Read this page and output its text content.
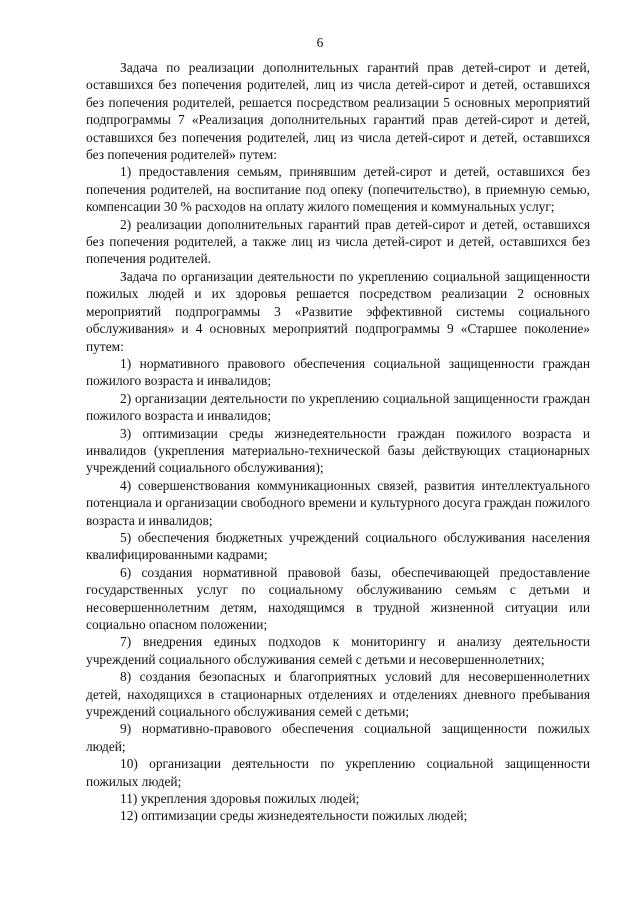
6

Задача по реализации дополнительных гарантий прав детей-сирот и детей, оставшихся без попечения родителей, лиц из числа детей-сирот и детей, оставшихся без попечения родителей, решается посредством реализации 5 основных мероприятий подпрограммы 7 «Реализация дополнительных гарантий прав детей-сирот и детей, оставшихся без попечения родителей, лиц из числа детей-сирот и детей, оставшихся без попечения родителей» путем:

1) предоставления семьям, принявшим детей-сирот и детей, оставшихся без попечения родителей, на воспитание под опеку (попечительство), в приемную семью, компенсации 30 % расходов на оплату жилого помещения и коммунальных услуг;

2) реализации дополнительных гарантий прав детей-сирот и детей, оставшихся без попечения родителей, а также лиц из числа детей-сирот и детей, оставшихся без попечения родителей.

Задача по организации деятельности по укреплению социальной защищенности пожилых людей и их здоровья решается посредством реализации 2 основных мероприятий подпрограммы 3 «Развитие эффективной системы социального обслуживания» и 4 основных мероприятий подпрограммы 9 «Старшее поколение» путем:

1) нормативного правового обеспечения социальной защищенности граждан пожилого возраста и инвалидов;

2) организации деятельности по укреплению социальной защищенности граждан пожилого возраста и инвалидов;

3) оптимизации среды жизнедеятельности граждан пожилого возраста и инвалидов (укрепления материально-технической базы действующих стационарных учреждений социального обслуживания);

4) совершенствования коммуникационных связей, развития интеллектуального потенциала и организации свободного времени и культурного досуга граждан пожилого возраста и инвалидов;

5) обеспечения бюджетных учреждений социального обслуживания населения квалифицированными кадрами;

6) создания нормативной правовой базы, обеспечивающей предоставление государственных услуг по социальному обслуживанию семьям с детьми и несовершеннолетним детям, находящимся в трудной жизненной ситуации или социально опасном положении;

7) внедрения единых подходов к мониторингу и анализу деятельности учреждений социального обслуживания семей с детьми и несовершеннолетних;

8) создания безопасных и благоприятных условий для несовершеннолетних детей, находящихся в стационарных отделениях и отделениях дневного пребывания учреждений социального обслуживания семей с детьми;

9) нормативно-правового обеспечения социальной защищенности пожилых людей;

10) организации деятельности по укреплению социальной защищенности пожилых людей;

11) укрепления здоровья пожилых людей;

12) оптимизации среды жизнедеятельности пожилых людей;
